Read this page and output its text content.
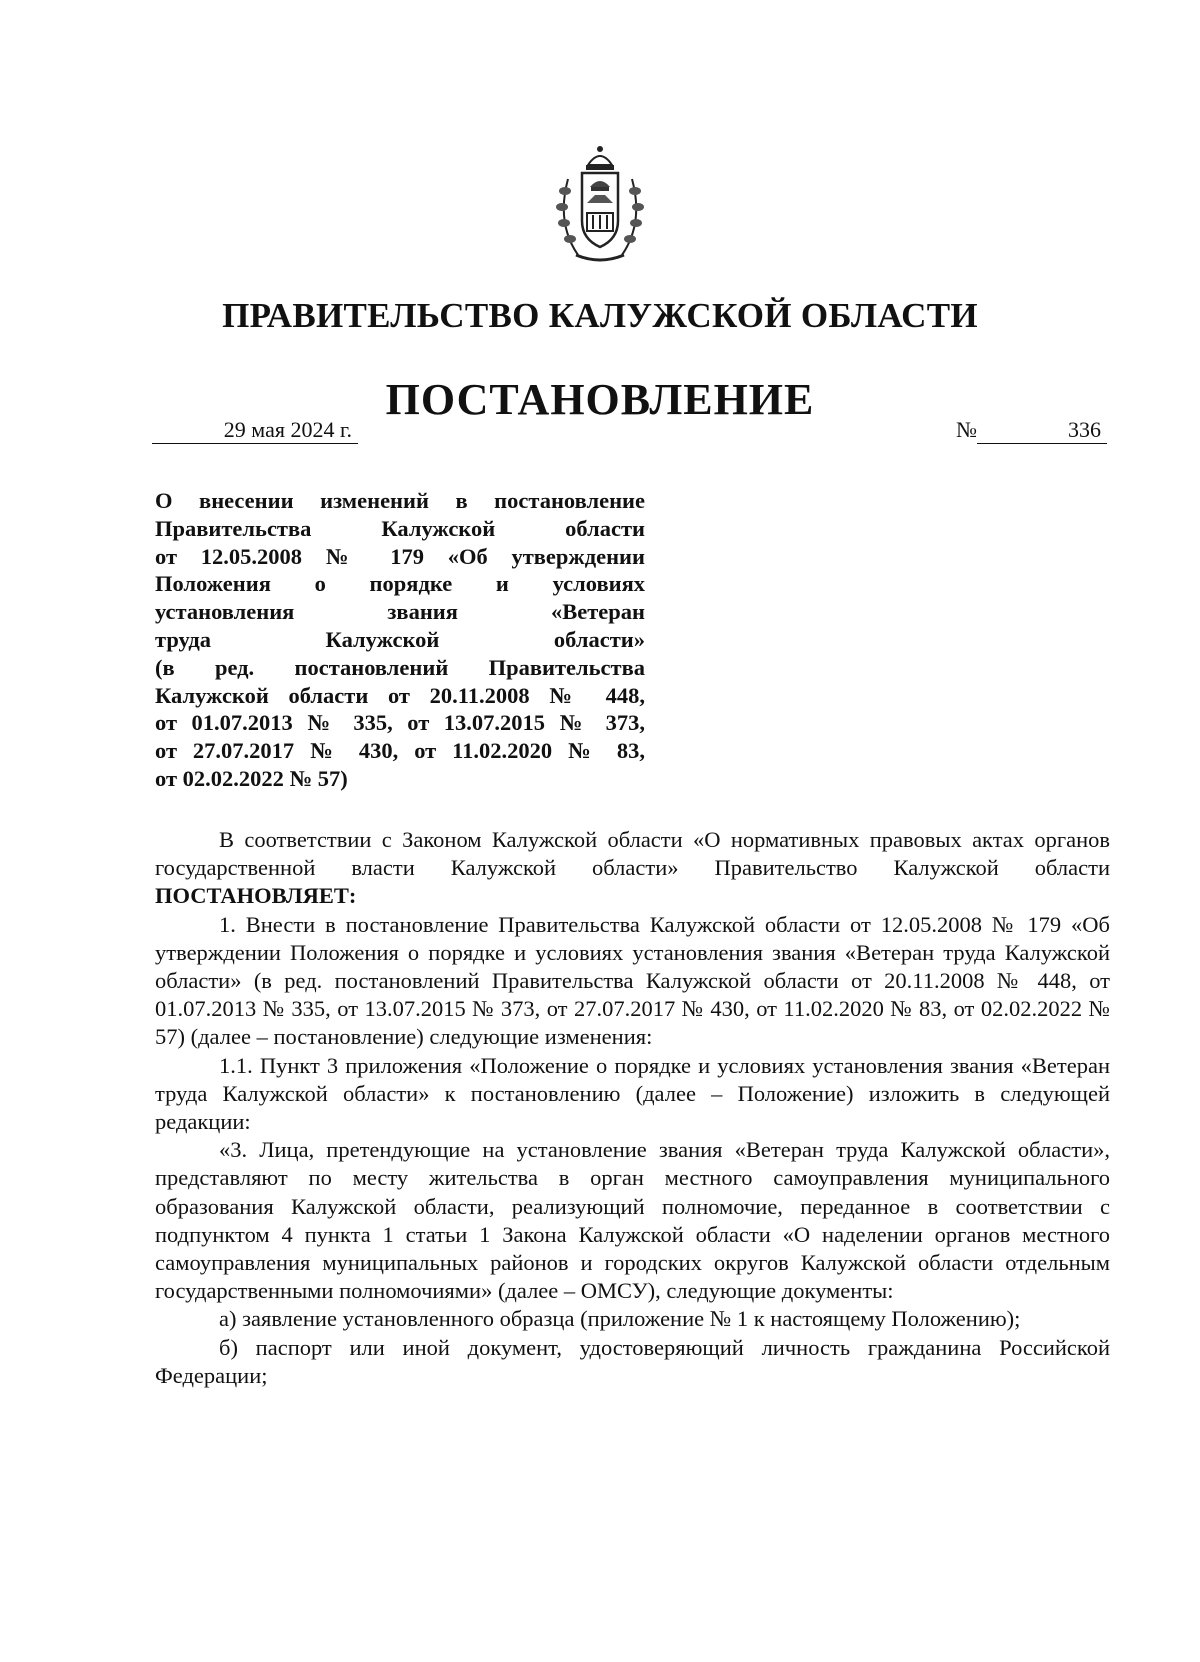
ПРАВИТЕЛЬСТВО КАЛУЖСКОЙ ОБЛАСТИ
ПОСТАНОВЛЕНИЕ
29 мая 2024 г.	№	336
О внесении изменений в постановление
Правительства Калужской области
от 12.05.2008 № 179 «Об утверждении
Положения о порядке и условиях
установления звания «Ветеран
труда Калужской области»
(в ред. постановлений Правительства
Калужской области от 20.11.2008 № 448,
от 01.07.2013 № 335, от 13.07.2015 № 373,
от 27.07.2017 № 430, от 11.02.2020 № 83,
от 02.02.2022 № 57)

В соответствии с Законом Калужской области «О нормативных правовых актах органов государственной власти Калужской области» Правительство Калужской области ПОСТАНОВЛЯЕТ:

1. Внести в постановление Правительства Калужской области от 12.05.2008 № 179 «Об утверждении Положения о порядке и условиях установления звания «Ветеран труда Калужской области» (в ред. постановлений Правительства Калужской области от 20.11.2008 № 448, от 01.07.2013 № 335, от 13.07.2015 № 373, от 27.07.2017 № 430, от 11.02.2020 № 83, от 02.02.2022 № 57) (далее – постановление) следующие изменения:

1.1. Пункт 3 приложения «Положение о порядке и условиях установления звания «Ветеран труда Калужской области» к постановлению (далее – Положение) изложить в следующей редакции:

«3. Лица, претендующие на установление звания «Ветеран труда Калужской области», представляют по месту жительства в орган местного самоуправления муниципального образования Калужской области, реализующий полномочие, переданное в соответствии с подпунктом 4 пункта 1 статьи 1 Закона Калужской области «О наделении органов местного самоуправления муниципальных районов и городских округов Калужской области отдельным государственными полномочиями» (далее – ОМСУ), следующие документы:

а) заявление установленного образца (приложение № 1 к настоящему Положению);

б) паспорт или иной документ, удостоверяющий личность гражданина Российской Федерации;
